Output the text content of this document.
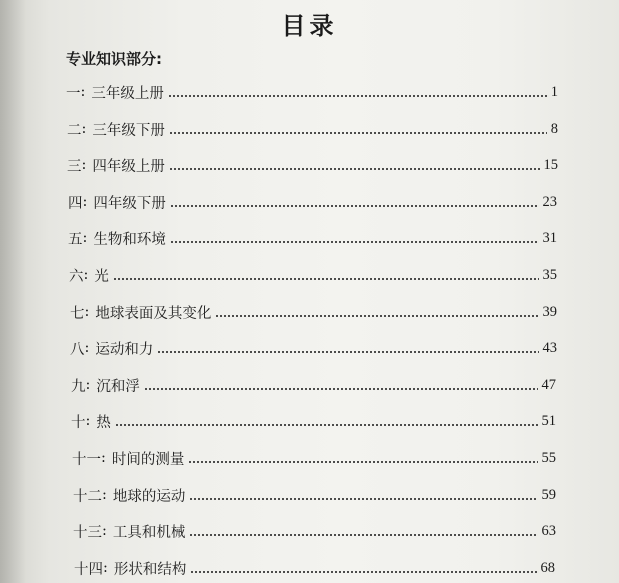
目录
专业知识部分:
一 : 三年级上册	1
二 : 三年级下册	8
三 : 四年级上册	15
四 : 四年级下册	23
五 : 生物和环境	31
六 : 光	35
七 : 地球表面及其变化	39
八 : 运动和力	43
九 : 沉和浮	47
十 : 热	51
十一 : 时间的测量	55
十二 : 地球的运动	59
十三 : 工具和机械	63
十四 : 形状和结构	68
